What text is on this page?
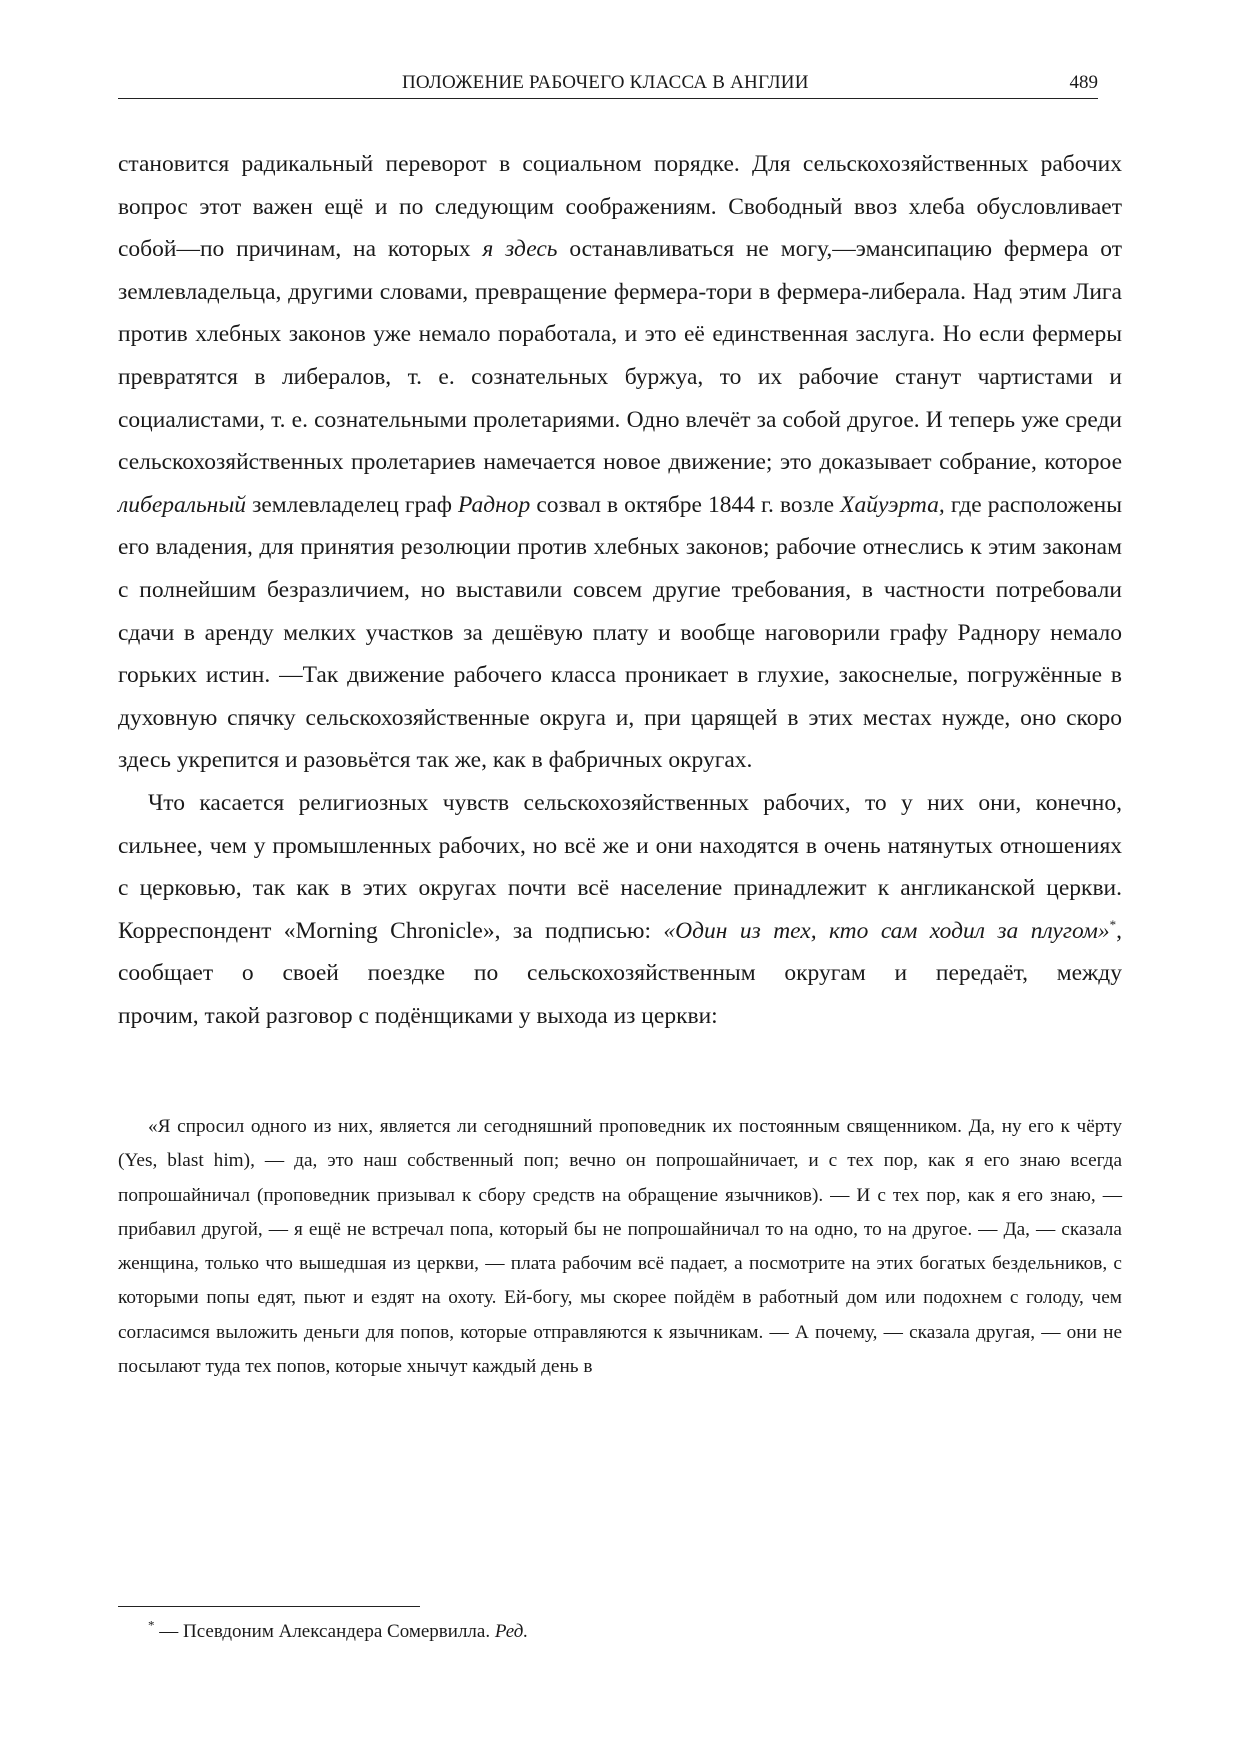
ПОЛОЖЕНИЕ РАБОЧЕГО КЛАССА В АНГЛИИ	489

становится радикальный переворот в социальном порядке. Для сельскохозяйственных рабочих вопрос этот важен ещё и по следующим соображениям. Свободный ввоз хлеба обусловливает собой—по причинам, на которых я здесь останавливаться не могу,—эмансипацию фермера от землевладельца, другими словами, превращение фермера-тори в фермера-либерала. Над этим Лига против хлебных законов уже немало поработала, и это её единственная заслуга. Но если фермеры превратятся в либералов, т. е. сознательных буржуа, то их рабочие станут чартистами и социалистами, т. е. сознательными пролетариями. Одно влечёт за собой другое. И теперь уже среди сельскохозяйственных пролетариев намечается новое движение; это доказывает собрание, которое либеральный землевладелец граф Раднор созвал в октябре 1844 г. возле Хайуэрта, где расположены его владения, для принятия резолюции против хлебных законов; рабочие отнеслись к этим законам с полнейшим безразличием, но выставили совсем другие требования, в частности потребовали сдачи в аренду мелких участков за дешёвую плату и вообще наговорили графу Раднору немало горьких истин. —Так движение рабочего класса проникает в глухие, закоснелые, погружённые в духовную спячку сельскохозяйственные округа и, при царящей в этих местах нужде, оно скоро здесь укрепится и разовьётся так же, как в фабричных округах.

Что касается религиозных чувств сельскохозяйственных рабочих, то у них они, конечно, сильнее, чем у промышленных рабочих, но всё же и они находятся в очень натянутых отношениях с церковью, так как в этих округах почти всё население принадлежит к англиканской церкви. Корреспондент «Morning Chronicle», за подписью: «Один из тех, кто сам ходил за плугом»*, сообщает о своей поездке по сельскохозяйственным округам и передаёт, между прочим, такой разговор с подёнщиками у выхода из церкви:

«Я спросил одного из них, является ли сегодняшний проповедник их постоянным священником. Да, ну его к чёрту (Yes, blast him), — да, это наш собственный поп; вечно он попрошайничает, и с тех пор, как я его знаю всегда попрошайничал (проповедник призывал к сбору средств на обращение язычников). — И с тех пор, как я его знаю, — прибавил другой, — я ещё не встречал попа, который бы не попрошайничал то на одно, то на другое. — Да, — сказала женщина, только что вышедшая из церкви, — плата рабочим всё падает, а посмотрите на этих богатых бездельников, с которыми попы едят, пьют и ездят на охоту. Ей-богу, мы скорее пойдём в работный дом или подохнем с голоду, чем согласимся выложить деньги для попов, которые отправляются к язычникам. — А почему, — сказала другая, — они не посылают туда тех попов, которые хнычут каждый день в

* — Псевдоним Александера Сомервилла. Ред.
